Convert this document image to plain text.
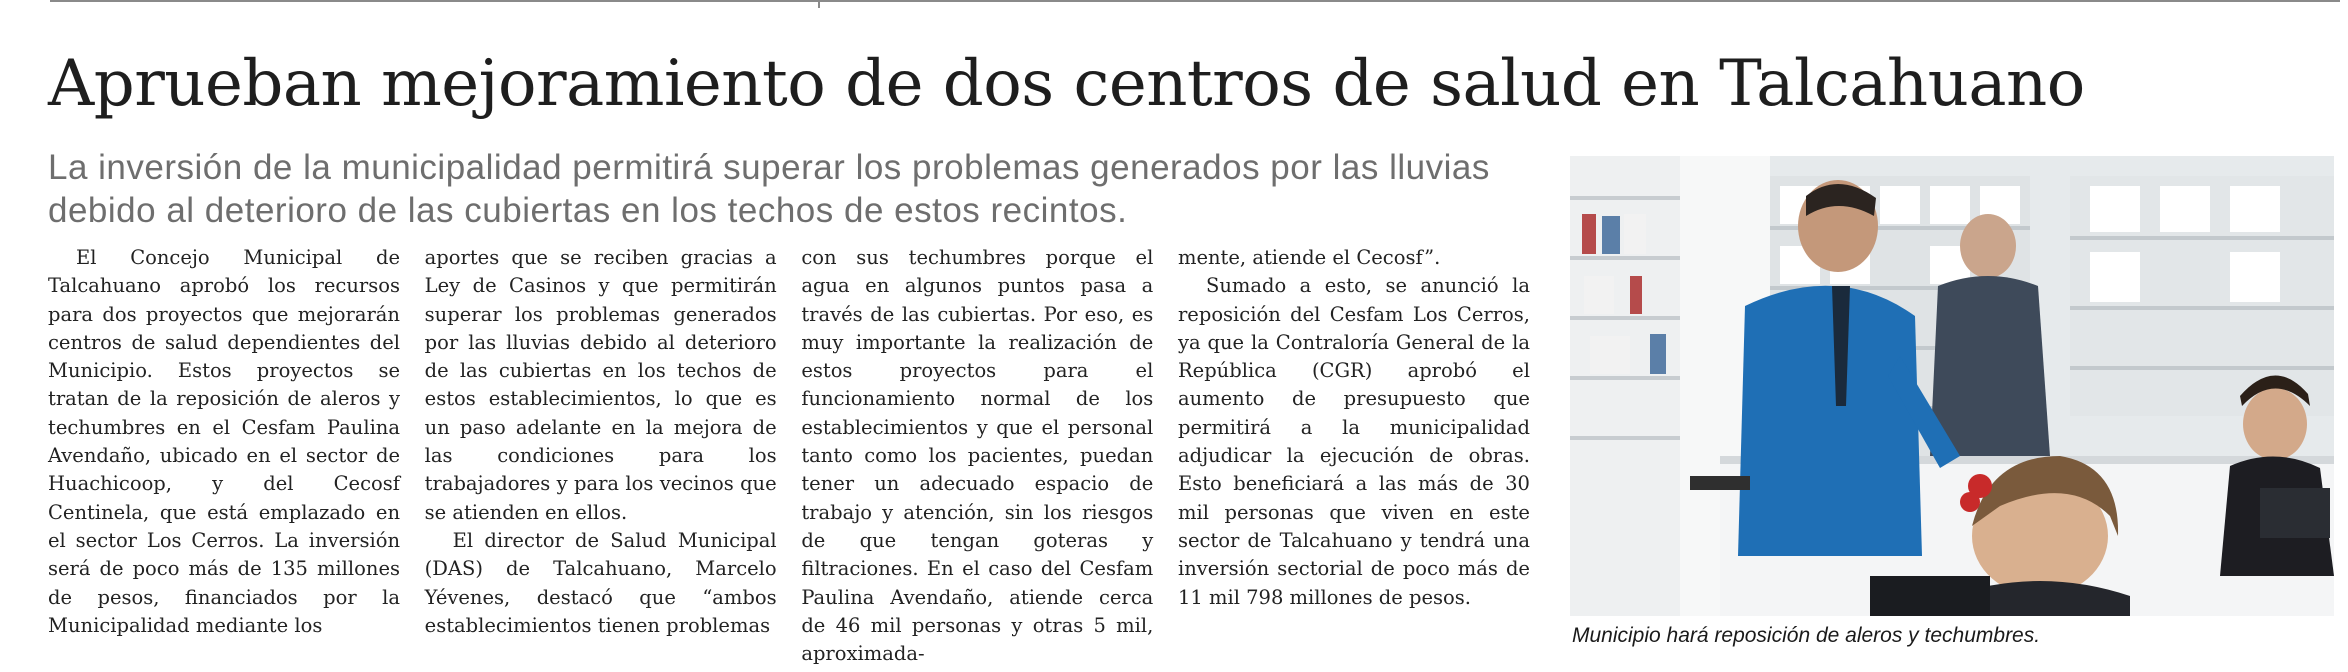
Aprueban mejoramiento de dos centros de salud en Talcahuano
La inversión de la municipalidad permitirá superar los problemas generados por las lluvias
debido al deterioro de las cubiertas en los techos de estos recintos.

El Concejo Municipal de Talcahuano aprobó los recursos para dos proyectos que mejorarán centros de salud dependientes del Municipio. Estos proyectos se tratan de la reposición de aleros y techumbres en el Cesfam Paulina Avendaño, ubicado en el sector de Huachicoop, y del Cecosf Centinela, que está emplazado en el sector Los Cerros. La inversión será de poco más de 135 millones de pesos, financiados por la Municipalidad mediante los

aportes que se reciben gracias a Ley de Casinos y que permitirán superar los problemas generados por las lluvias debido al deterioro de las cubiertas en los techos de estos establecimientos, lo que es un paso adelante en la mejora de las condiciones para los trabajadores y para los vecinos que se atienden en ellos.

El director de Salud Municipal (DAS) de Talcahuano, Marcelo Yévenes, destacó que “ambos establecimientos tienen problemas

con sus techumbres porque el agua en algunos puntos pasa a través de las cubiertas. Por eso, es muy importante la realización de estos proyectos para el funcionamiento normal de los establecimientos y que el personal tanto como los pacientes, puedan tener un adecuado espacio de trabajo y atención, sin los riesgos de que tengan goteras y filtraciones. En el caso del Cesfam Paulina Avendaño, atiende cerca de 46 mil personas y otras 5 mil, aproximada-

mente, atiende el Cecosf”.

Sumado a esto, se anunció la reposición del Cesfam Los Cerros, ya que la Contraloría General de la República (CGR) aprobó el aumento de presupuesto que permitirá a la municipalidad adjudicar la ejecución de obras. Esto beneficiará a las más de 30 mil personas que viven en este sector de Talcahuano y tendrá una inversión sectorial de poco más de 11 mil 798 millones de pesos.

Municipio hará reposición de aleros y techumbres.
